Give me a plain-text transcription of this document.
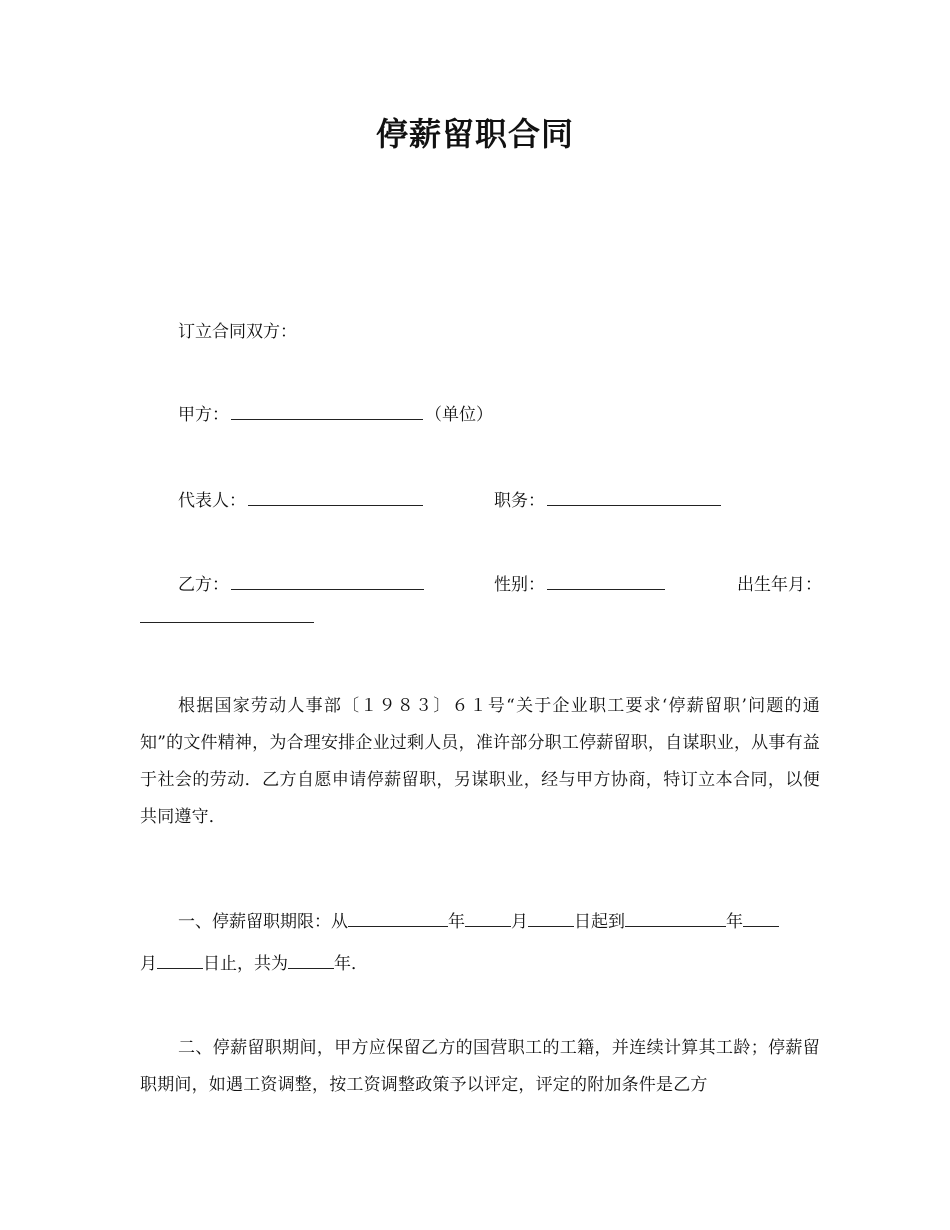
停薪留职合同
订立合同双方：
甲方：	（单位）
代表人：	职务：
乙方：	性别：	出生年月：
根据国家劳动人事部〔１９８３〕６１号“关于企业职工要求‘停薪留职’问题的通知”的文件精神，为合理安排企业过剩人员，准许部分职工停薪留职，自谋职业，从事有益于社会的劳动．乙方自愿申请停薪留职，另谋职业，经与甲方协商，特订立本合同，以便共同遵守．
一、停薪留职期限：从	年	月	日起到	年
月	日止，共为	年．
二、停薪留职期间，甲方应保留乙方的国营职工的工籍，并连续计算其工龄；停薪留职期间，如遇工资调整，按工资调整政策予以评定，评定的附加条件是乙方
